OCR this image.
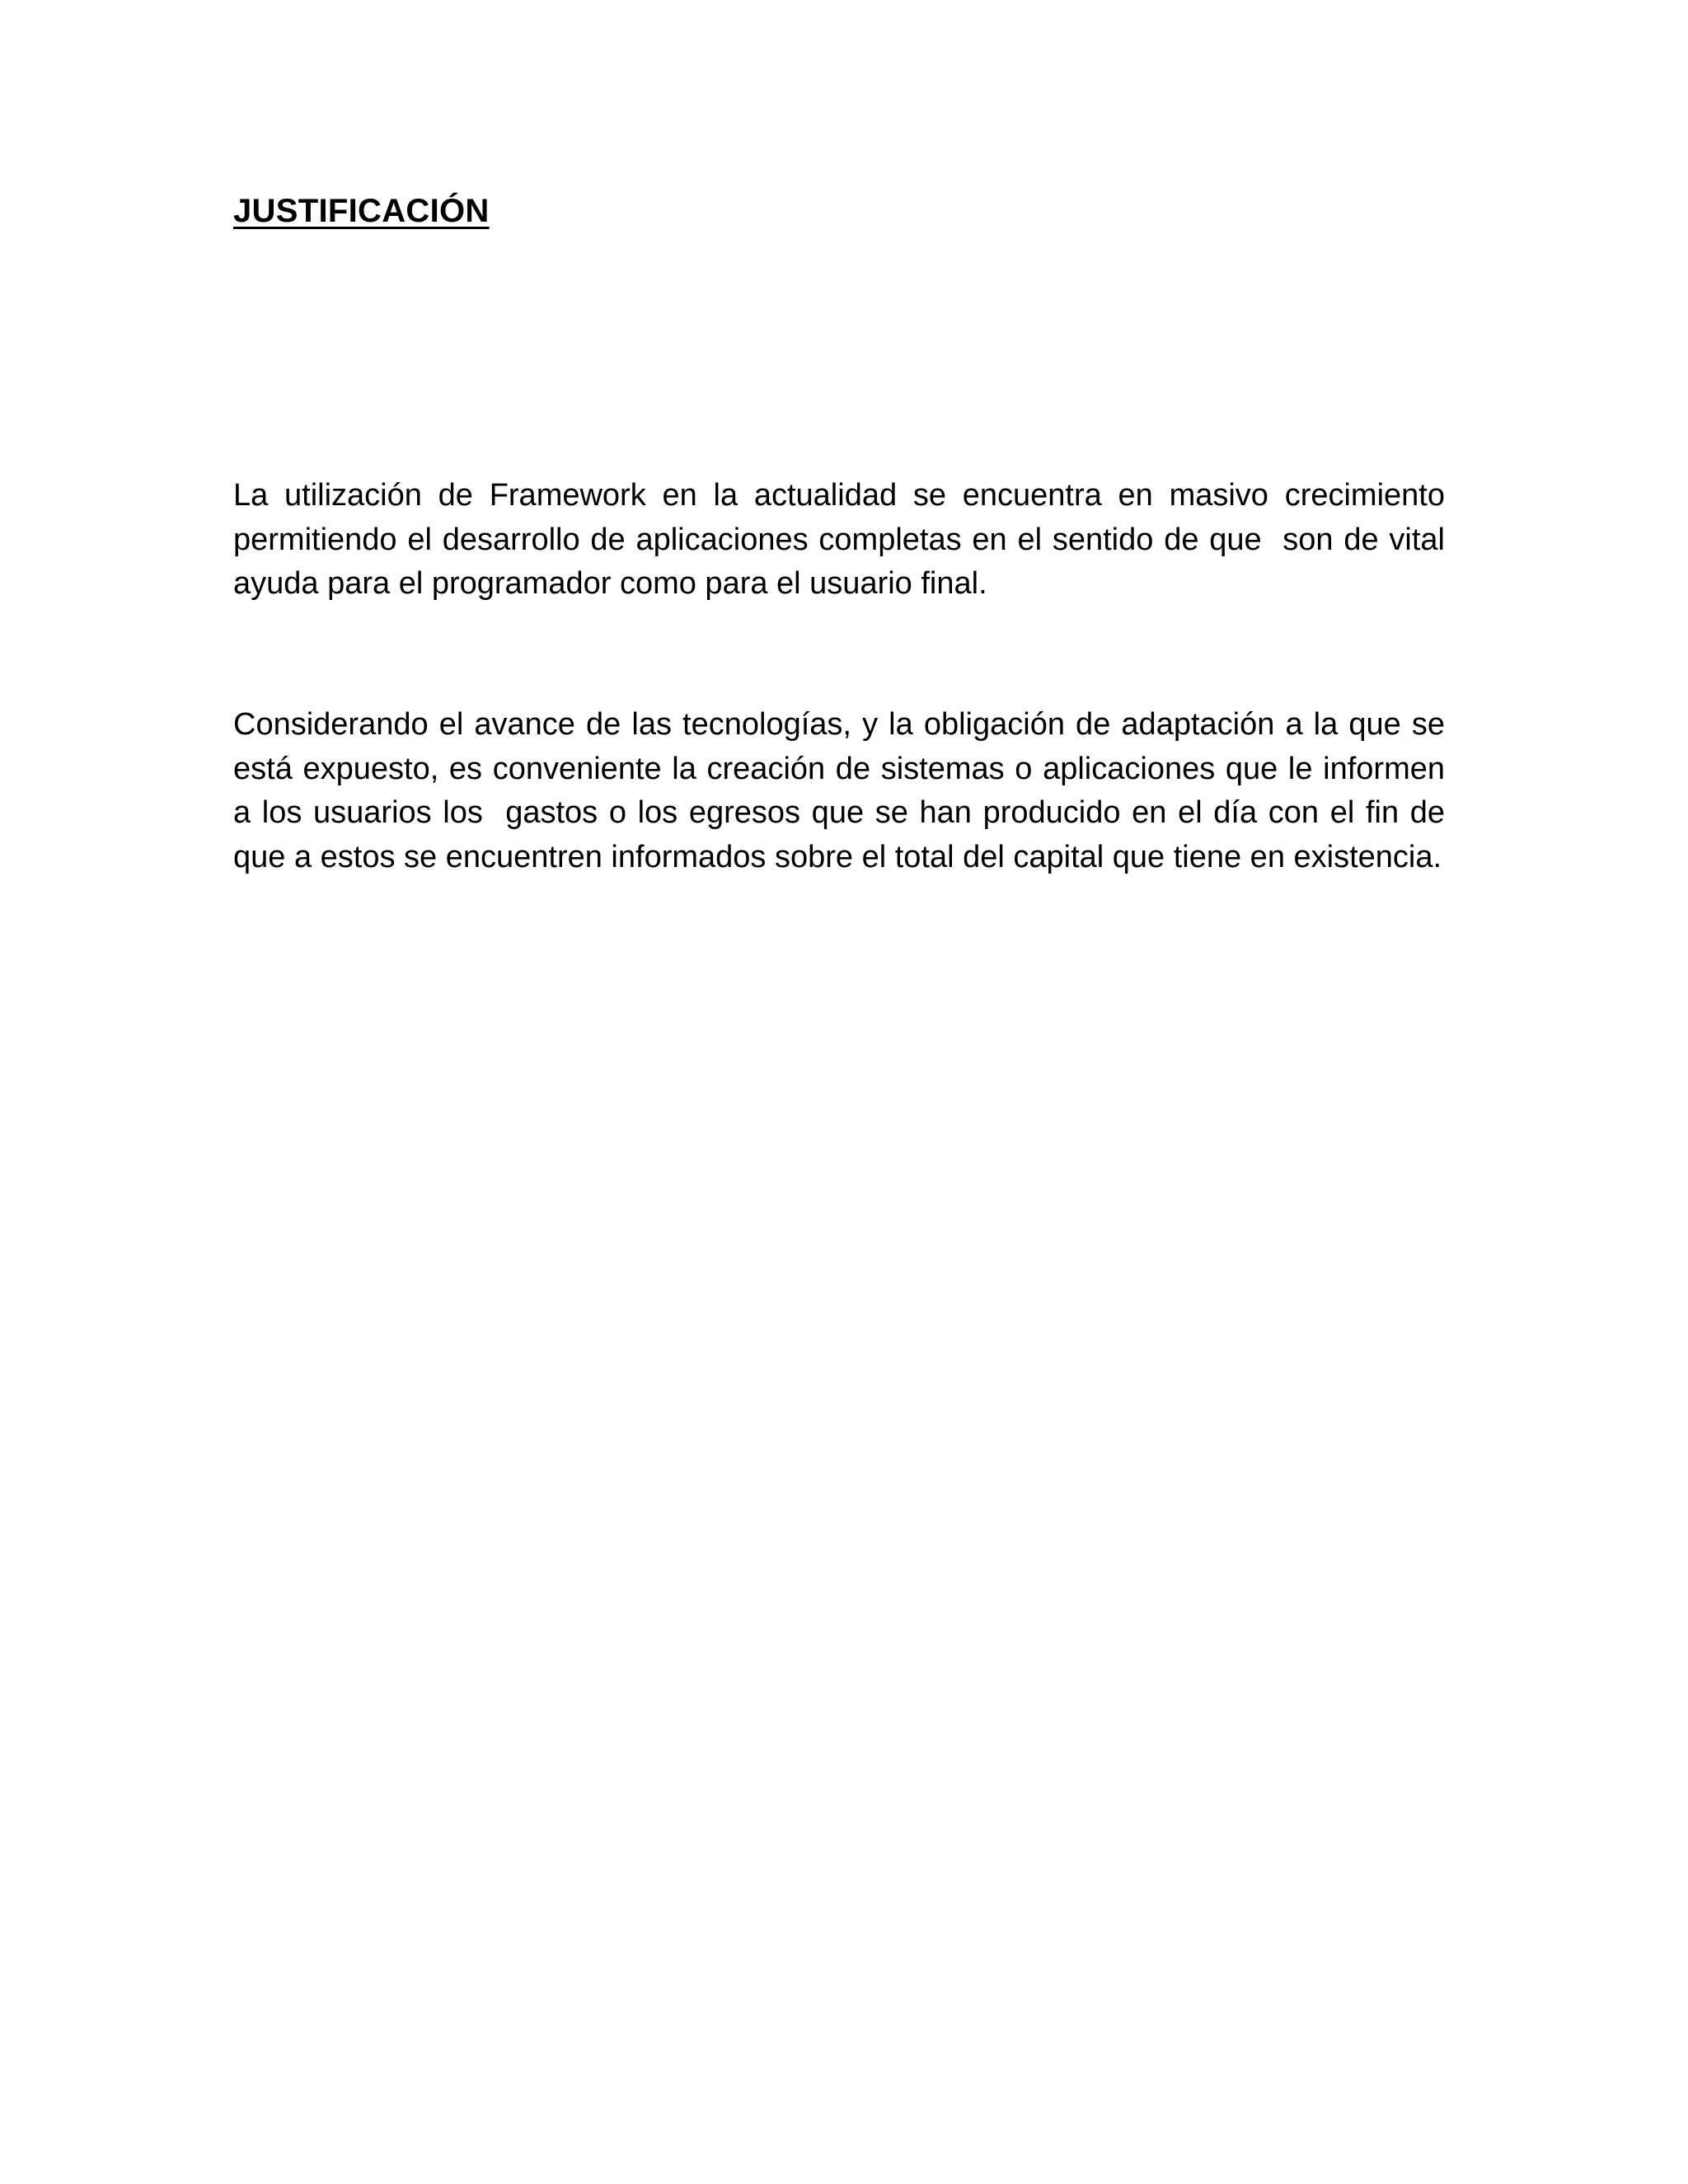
JUSTIFICACIÓN

La utilización de Framework en la actualidad se encuentra en masivo crecimiento permitiendo el desarrollo de aplicaciones completas en el sentido de que  son de vital ayuda para el programador como para el usuario final.

Considerando el avance de las tecnologías, y la obligación de adaptación a la que se está expuesto, es conveniente la creación de sistemas o aplicaciones que le informen a los usuarios los  gastos o los egresos que se han producido en el día con el fin de que a estos se encuentren informados sobre el total del capital que tiene en existencia.
